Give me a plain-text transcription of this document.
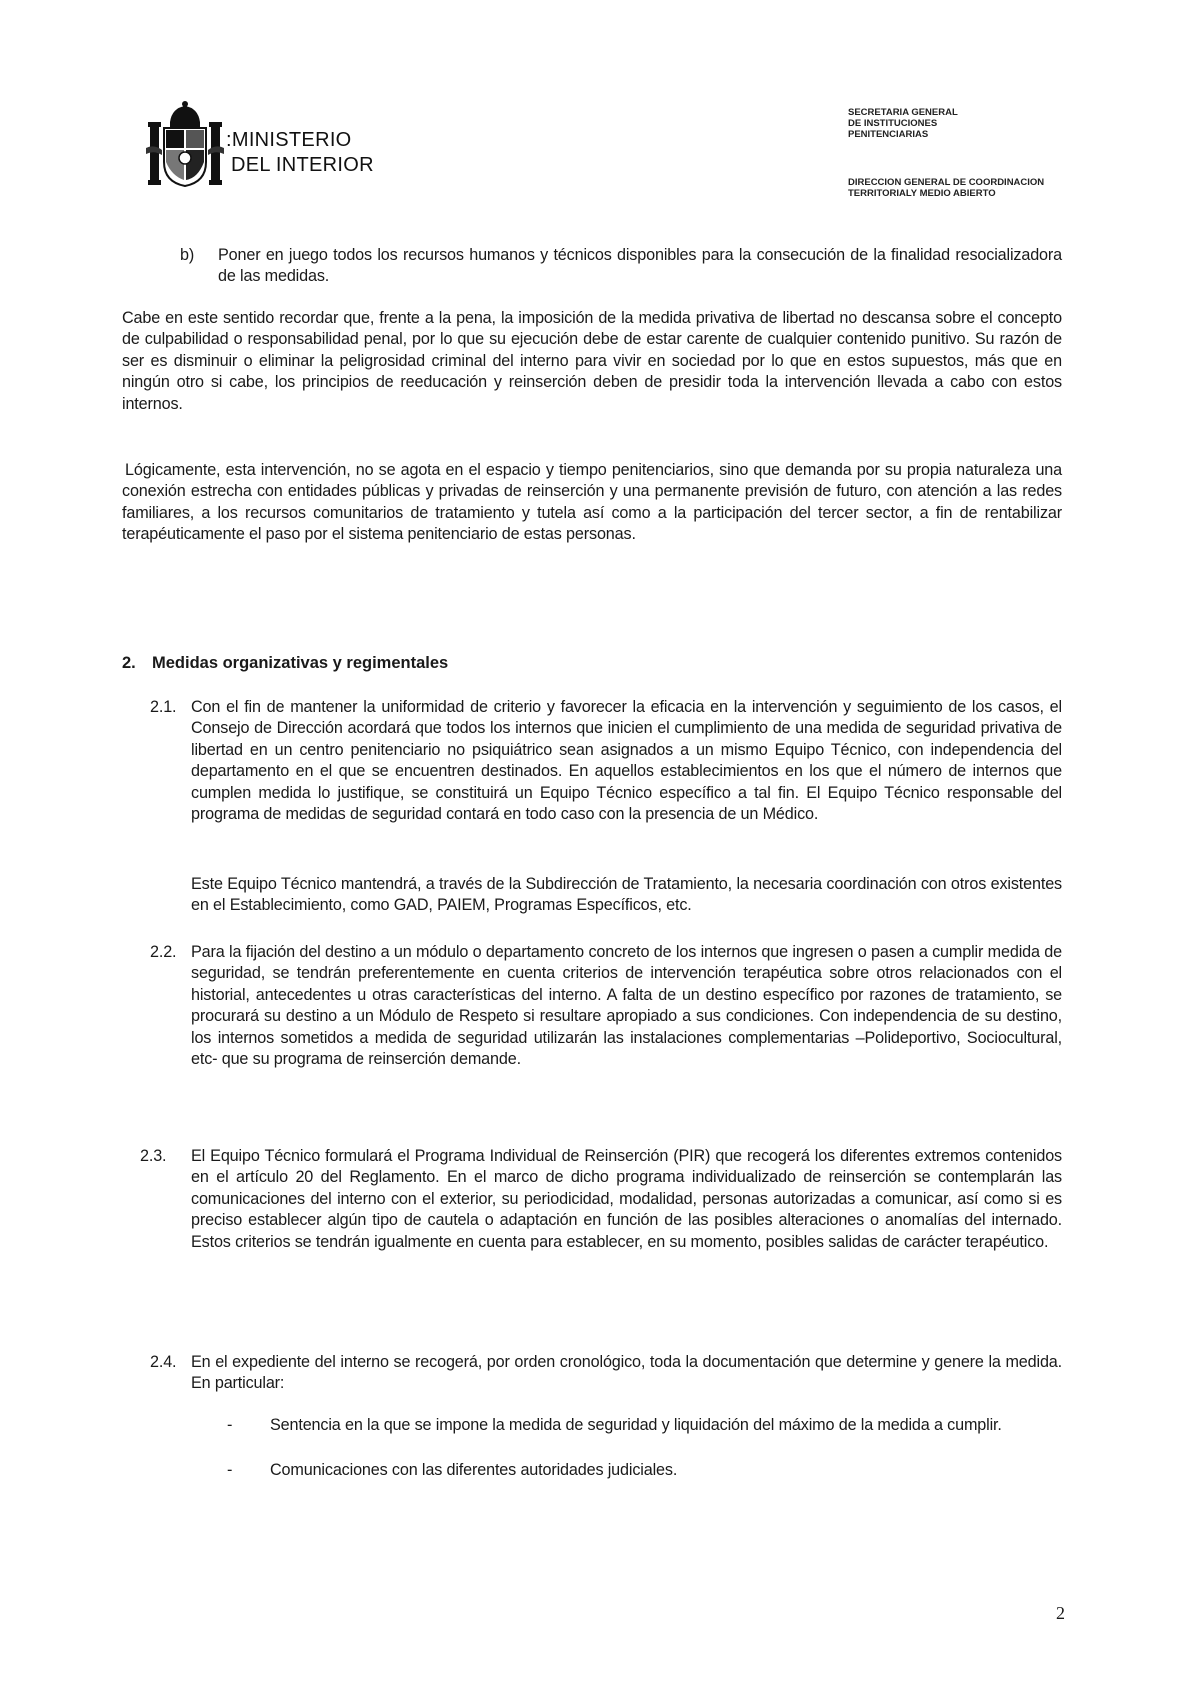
:MINISTERIO
DEL INTERIOR
SECRETARIA GENERAL
DE INSTITUCIONES
PENITENCIARIAS
DIRECCION GENERAL DE COORDINACION
TERRITORIALY MEDIO ABIERTO
b) Poner en juego todos los recursos humanos y técnicos disponibles para la consecución de la finalidad resocializadora de las medidas.
Cabe en este sentido recordar que, frente a la pena, la imposición de la medida privativa de libertad no descansa sobre el concepto de culpabilidad o responsabilidad penal, por lo que su ejecución debe de estar carente de cualquier contenido punitivo. Su razón de ser es disminuir o eliminar la peligrosidad criminal del interno para vivir en sociedad por lo que en estos supuestos, más que en ningún otro si cabe, los principios de reeducación y reinserción deben de presidir toda la intervención llevada a cabo con estos internos.
Lógicamente, esta intervención, no se agota en el espacio y tiempo penitenciarios, sino que demanda por su propia naturaleza una conexión estrecha con entidades públicas y privadas de reinserción y una permanente previsión de futuro, con atención a las redes familiares, a los recursos comunitarios de tratamiento y tutela así como a la participación del tercer sector, a fin de rentabilizar terapéuticamente el paso por el sistema penitenciario de estas personas.
2. Medidas organizativas y regimentales
2.1. Con el fin de mantener la uniformidad de criterio y favorecer la eficacia en la intervención y seguimiento de los casos, el Consejo de Dirección acordará que todos los internos que inicien el cumplimiento de una medida de seguridad privativa de libertad en un centro penitenciario no psiquiátrico sean asignados a un mismo Equipo Técnico, con independencia del departamento en el que se encuentren destinados. En aquellos establecimientos en los que el número de internos que cumplen medida lo justifique, se constituirá un Equipo Técnico específico a tal fin. El Equipo Técnico responsable del programa de medidas de seguridad contará en todo caso con la presencia de un Médico.
Este Equipo Técnico mantendrá, a través de la Subdirección de Tratamiento, la necesaria coordinación con otros existentes en el Establecimiento, como GAD, PAIEM, Programas Específicos, etc.
2.2. Para la fijación del destino a un módulo o departamento concreto de los internos que ingresen o pasen a cumplir medida de seguridad, se tendrán preferentemente en cuenta criterios de intervención terapéutica sobre otros relacionados con el historial, antecedentes u otras características del interno. A falta de un destino específico por razones de tratamiento, se procurará su destino a un Módulo de Respeto si resultare apropiado a sus condiciones. Con independencia de su destino, los internos sometidos a medida de seguridad utilizarán las instalaciones complementarias –Polideportivo, Sociocultural, etc- que su programa de reinserción demande.
2.3. El Equipo Técnico formulará el Programa Individual de Reinserción (PIR) que recogerá los diferentes extremos contenidos en el artículo 20 del Reglamento. En el marco de dicho programa individualizado de reinserción se contemplarán las comunicaciones del interno con el exterior, su periodicidad, modalidad, personas autorizadas a comunicar, así como si es preciso establecer algún tipo de cautela o adaptación en función de las posibles alteraciones o anomalías del internado. Estos criterios se tendrán igualmente en cuenta para establecer, en su momento, posibles salidas de carácter terapéutico.
2.4. En el expediente del interno se recogerá, por orden cronológico, toda la documentación que determine y genere la medida. En particular:
- Sentencia en la que se impone la medida de seguridad y liquidación del máximo de la medida a cumplir.
- Comunicaciones con las diferentes autoridades judiciales.
2
